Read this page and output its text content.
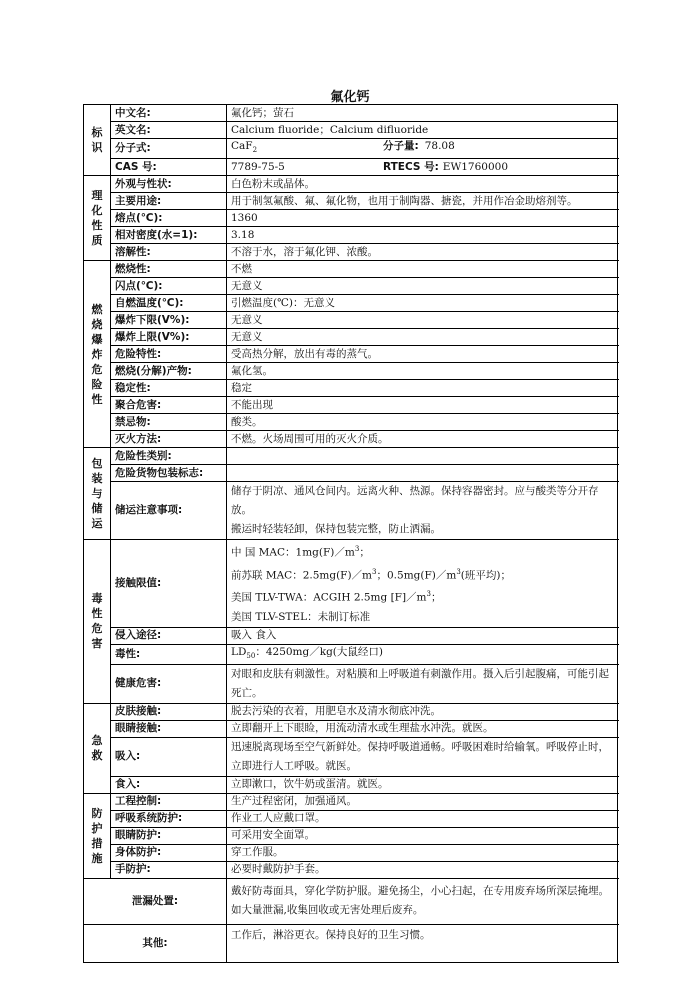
氟化钙
标识	中文名:	氟化钙；萤石
	英文名:	Calcium fluoride；Calcium difluoride
	分子式:	CaF$_2$ 分子量: 78.08
	CAS 号:	7789-75-5 RTECS 号: EW1760000
理化性质	外观与性状:	白色粉末或晶体。
	主要用途:	用于制氢氟酸、氟、氟化物，也用于制陶器、搪瓷，并用作冶金助熔剂等。
	熔点(℃):	1360
	相对密度(水=1):	3.18
	溶解性:	不溶于水，溶于氟化钾、浓酸。
燃烧爆炸危险性	燃烧性:	不燃
	闪点(℃):	无意义
	自燃温度(℃):	引燃温度(℃)：无意义
	爆炸下限(V%):	无意义
	爆炸上限(V%):	无意义
	危险特性:	受高热分解，放出有毒的蒸气。
	燃烧(分解)产物:	氟化氢。
	稳定性:	稳定
	聚合危害:	不能出现
	禁忌物:	酸类。
	灭火方法:	不燃。火场周围可用的灭火介质。
包装与储运	危险性类别:	
	危险货物包装标志:	
	储运注意事项:	储存于阴凉、通风仓间内。远离火种、热源。保持容器密封。应与酸类等分开存放。
搬运时轻装轻卸，保持包装完整，防止洒漏。

毒性危害	接触限值:	中 国 MAC：$1mg(F)/m^3$；
前苏联 MAC：$2.5mg(F)/m^3$；$0.5mg(F)/m^3$(班平均)；
美国 TLV-TWA：ACGIH 2.5mg $[F]/m^3$；
美国 TLV-STEL：未制订标准

	侵入途径:	吸入 食入
	毒性:	$LD_{50}$：4250mg／kg(大鼠经口)
	健康危害:	对眼和皮肤有刺激性。对粘膜和上呼吸道有刺激作用。摄入后引起腹痛，可能引起
死亡。

急救	皮肤接触:	脱去污染的衣着，用肥皂水及清水彻底冲洗。
	眼睛接触:	立即翻开上下眼睑，用流动清水或生理盐水冲洗。就医。
	吸入:	迅速脱离现场至空气新鲜处。保持呼吸道通畅。呼吸困难时给输氧。呼吸停止时，
立即进行人工呼吸。就医。

	食入:	立即漱口，饮牛奶或蛋清。就医。
防护措施	工程控制:	生产过程密闭，加强通风。
	呼吸系统防护:	作业工人应戴口罩。
	眼睛防护:	可采用安全面罩。
	身体防护:	穿工作服。
	手防护:	必要时戴防护手套。
泄漏处置:		戴好防毒面具，穿化学防护服。避免扬尘，小心扫起，在专用废弃场所深层掩埋。
如大量泄漏,收集回收或无害处理后废弃。

其他:		工作后，淋浴更衣。保持良好的卫生习惯。
